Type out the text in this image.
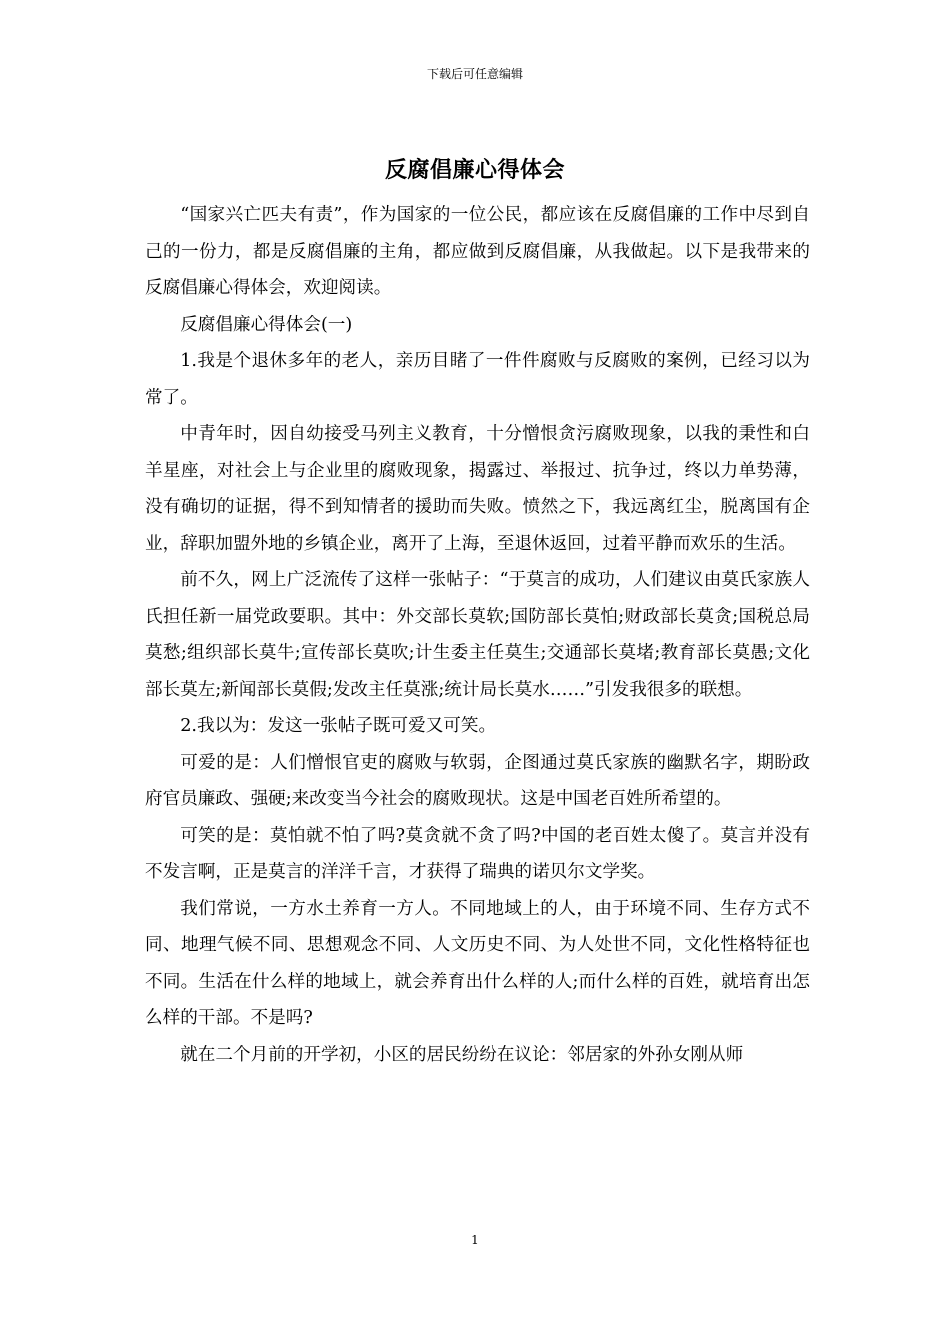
下载后可任意编辑
反腐倡廉心得体会

“国家兴亡匹夫有责”，作为国家的一位公民，都应该在反腐倡廉的工作中尽到自己的一份力，都是反腐倡廉的主角，都应做到反腐倡廉，从我做起。以下是我带来的反腐倡廉心得体会，欢迎阅读。

反腐倡廉心得体会(一)

1.我是个退休多年的老人，亲历目睹了一件件腐败与反腐败的案例，已经习以为常了。

中青年时，因自幼接受马列主义教育，十分憎恨贪污腐败现象，以我的秉性和白羊星座，对社会上与企业里的腐败现象，揭露过、举报过、抗争过，终以力单势薄，没有确切的证据，得不到知情者的援助而失败。愤然之下，我远离红尘，脱离国有企业，辞职加盟外地的乡镇企业，离开了上海，至退休返回，过着平静而欢乐的生活。

前不久，网上广泛流传了这样一张帖子：“于莫言的成功，人们建议由莫氏家族人氏担任新一届党政要职。其中：外交部长莫软;国防部长莫怕;财政部长莫贪;国税总局莫愁;组织部长莫牛;宣传部长莫吹;计生委主任莫生;交通部长莫堵;教育部长莫愚;文化部长莫左;新闻部长莫假;发改主任莫涨;统计局长莫水……”引发我很多的联想。

2.我以为：发这一张帖子既可爱又可笑。

可爱的是：人们憎恨官吏的腐败与软弱，企图通过莫氏家族的幽默名字，期盼政府官员廉政、强硬;来改变当今社会的腐败现状。这是中国老百姓所希望的。

可笑的是：莫怕就不怕了吗?莫贪就不贪了吗?中国的老百姓太傻了。莫言并没有不发言啊，正是莫言的洋洋千言，才获得了瑞典的诺贝尔文学奖。

我们常说，一方水土养育一方人。不同地域上的人，由于环境不同、生存方式不同、地理气候不同、思想观念不同、人文历史不同、为人处世不同，文化性格特征也不同。生活在什么样的地域上，就会养育出什么样的人;而什么样的百姓，就培育出怎么样的干部。不是吗?

就在二个月前的开学初，小区的居民纷纷在议论：邻居家的外孙女刚从师

1
